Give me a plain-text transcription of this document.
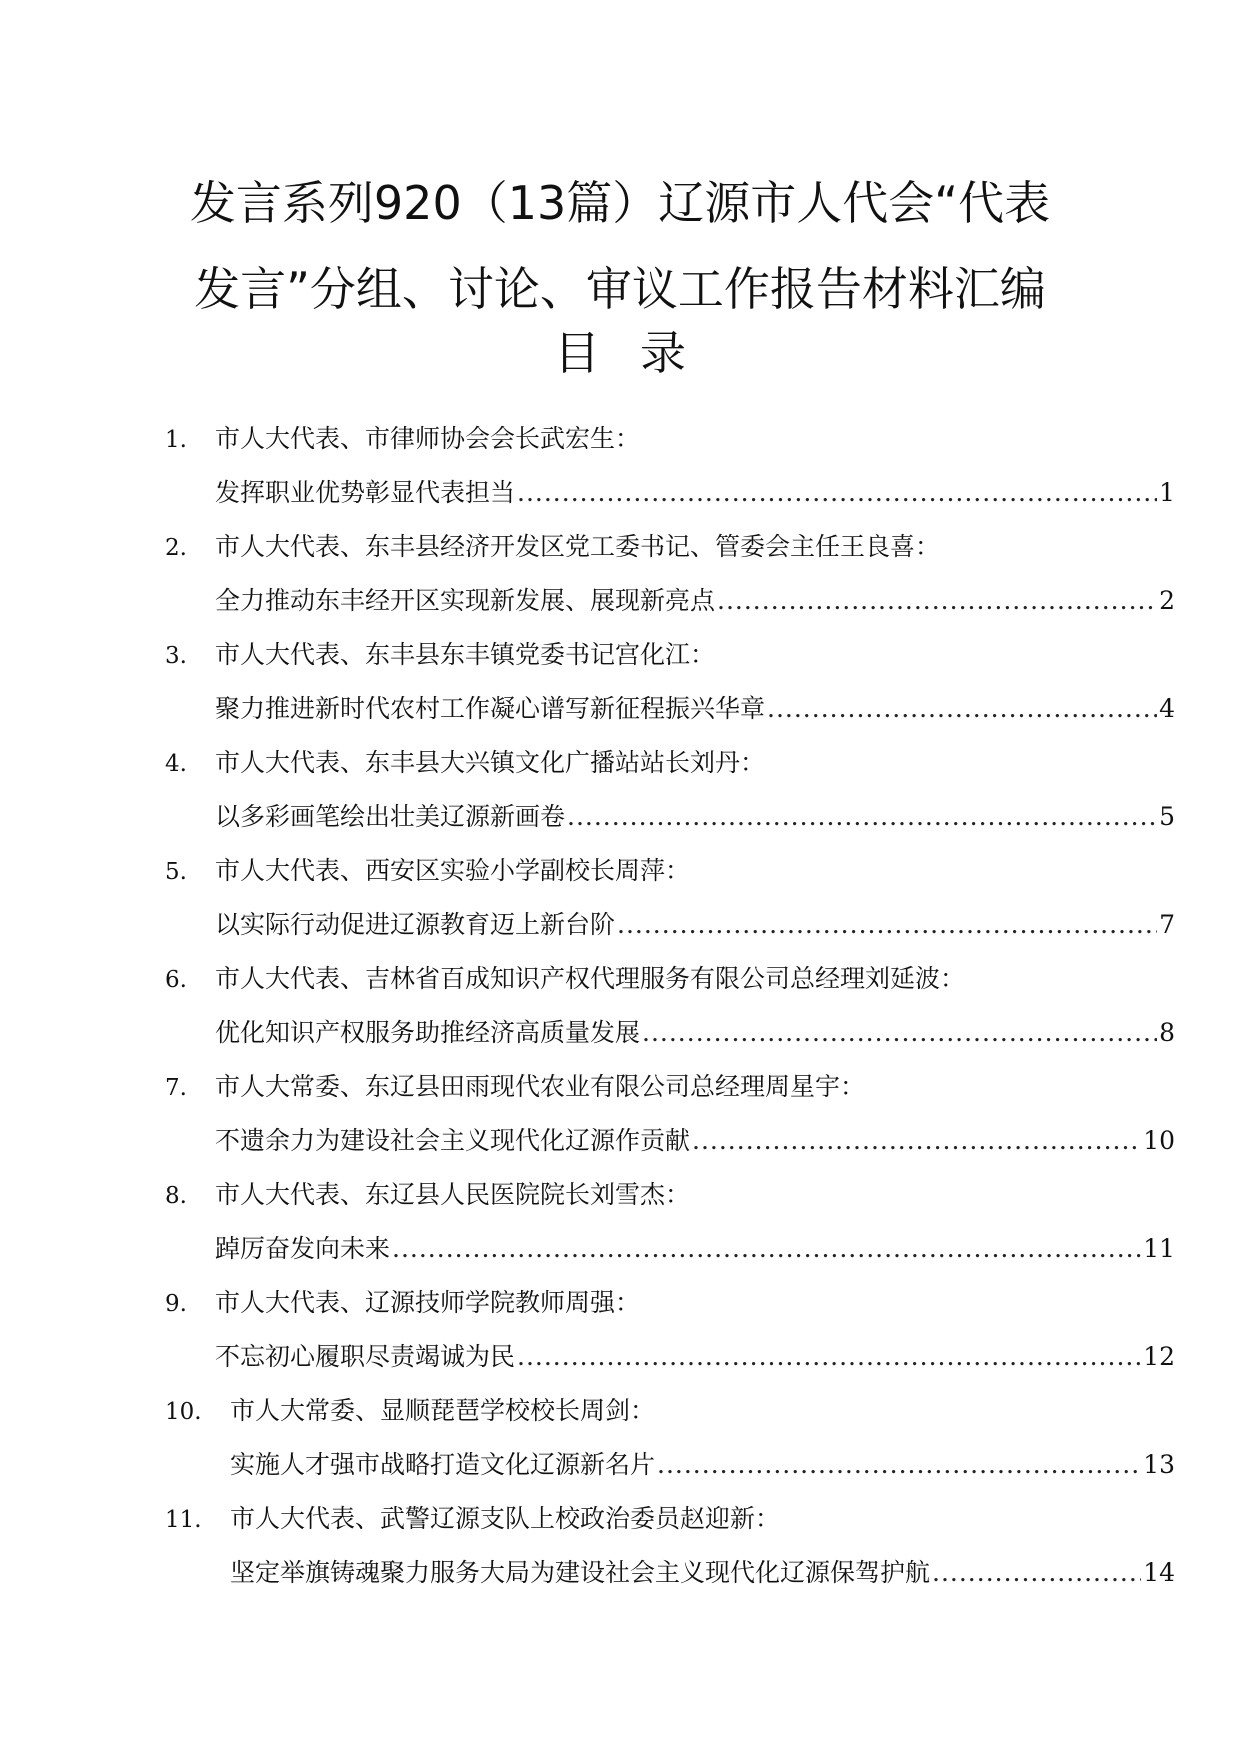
发言系列920（13篇）辽源市人代会“代表
发言”分组、讨论、审议工作报告材料汇编
目录
1.	市人大代表、市律师协会会长武宏生：
发挥职业优势彰显代表担当 .....	1
2.	市人大代表、东丰县经济开发区党工委书记、管委会主任王良喜：
全力推动东丰经开区实现新发展、展现新亮点 .....	2
3.	市人大代表、东丰县东丰镇党委书记宫化江：
聚力推进新时代农村工作凝心谱写新征程振兴华章 .....	4
4.	市人大代表、东丰县大兴镇文化广播站站长刘丹：
以多彩画笔绘出壮美辽源新画卷 .....	5
5.	市人大代表、西安区实验小学副校长周萍：
以实际行动促进辽源教育迈上新台阶 .....	7
6.	市人大代表、吉林省百成知识产权代理服务有限公司总经理刘延波：
优化知识产权服务助推经济高质量发展 .....	8
7.	市人大常委、东辽县田雨现代农业有限公司总经理周星宇：
不遗余力为建设社会主义现代化辽源作贡献 .....	10
8.	市人大代表、东辽县人民医院院长刘雪杰：
踔厉奋发向未来 .....	11
9.	市人大代表、辽源技师学院教师周强：
不忘初心履职尽责竭诚为民 .....	12
10.	市人大常委、显顺琵琶学校校长周剑：
实施人才强市战略打造文化辽源新名片 .....	13
11.	市人大代表、武警辽源支队上校政治委员赵迎新：
坚定举旗铸魂聚力服务大局为建设社会主义现代化辽源保驾护航 .....	14
